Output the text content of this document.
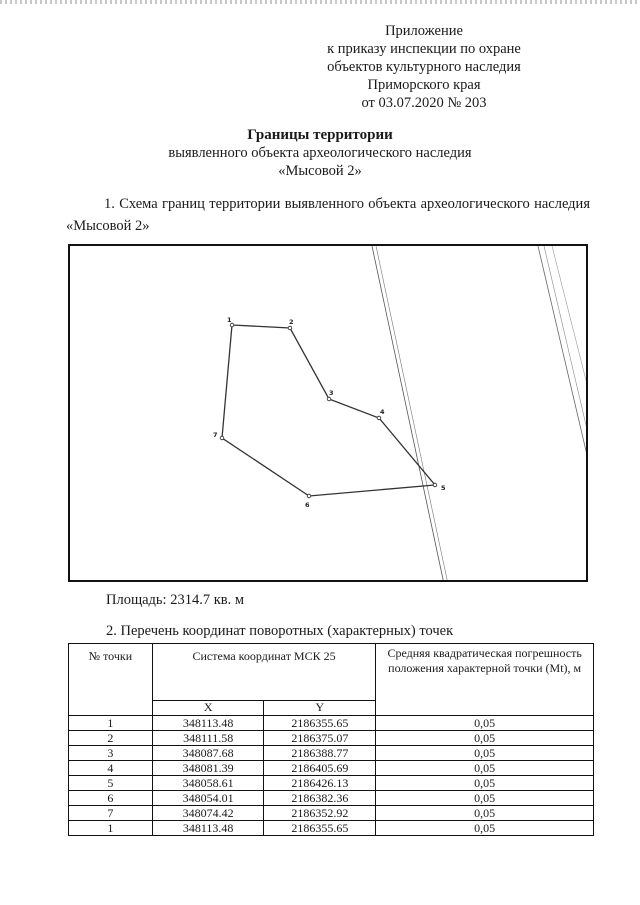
Приложение
к приказу инспекции по охране
объектов культурного наследия
Приморского края
от 03.07.2020 № 203
Границы территории
выявленного объекта археологического наследия
«Мысовой 2»
1. Схема границ территории выявленного объекта археологического наследия «Мысовой 2»
1	2
3
4
5
6
7
Площадь: 2314.7 кв. м
2. Перечень координат поворотных (характерных) точек
№ точки	Система координат МСК 25		Средняя квадратическая погрешность положения характерной точки (Mt), м
	X	Y	
1	348113.48	2186355.65	0,05
2	348111.58	2186375.07	0,05
3	348087.68	2186388.77	0,05
4	348081.39	2186405.69	0,05
5	348058.61	2186426.13	0,05
6	348054.01	2186382.36	0,05
7	348074.42	2186352.92	0,05
1	348113.48	2186355.65	0,05
